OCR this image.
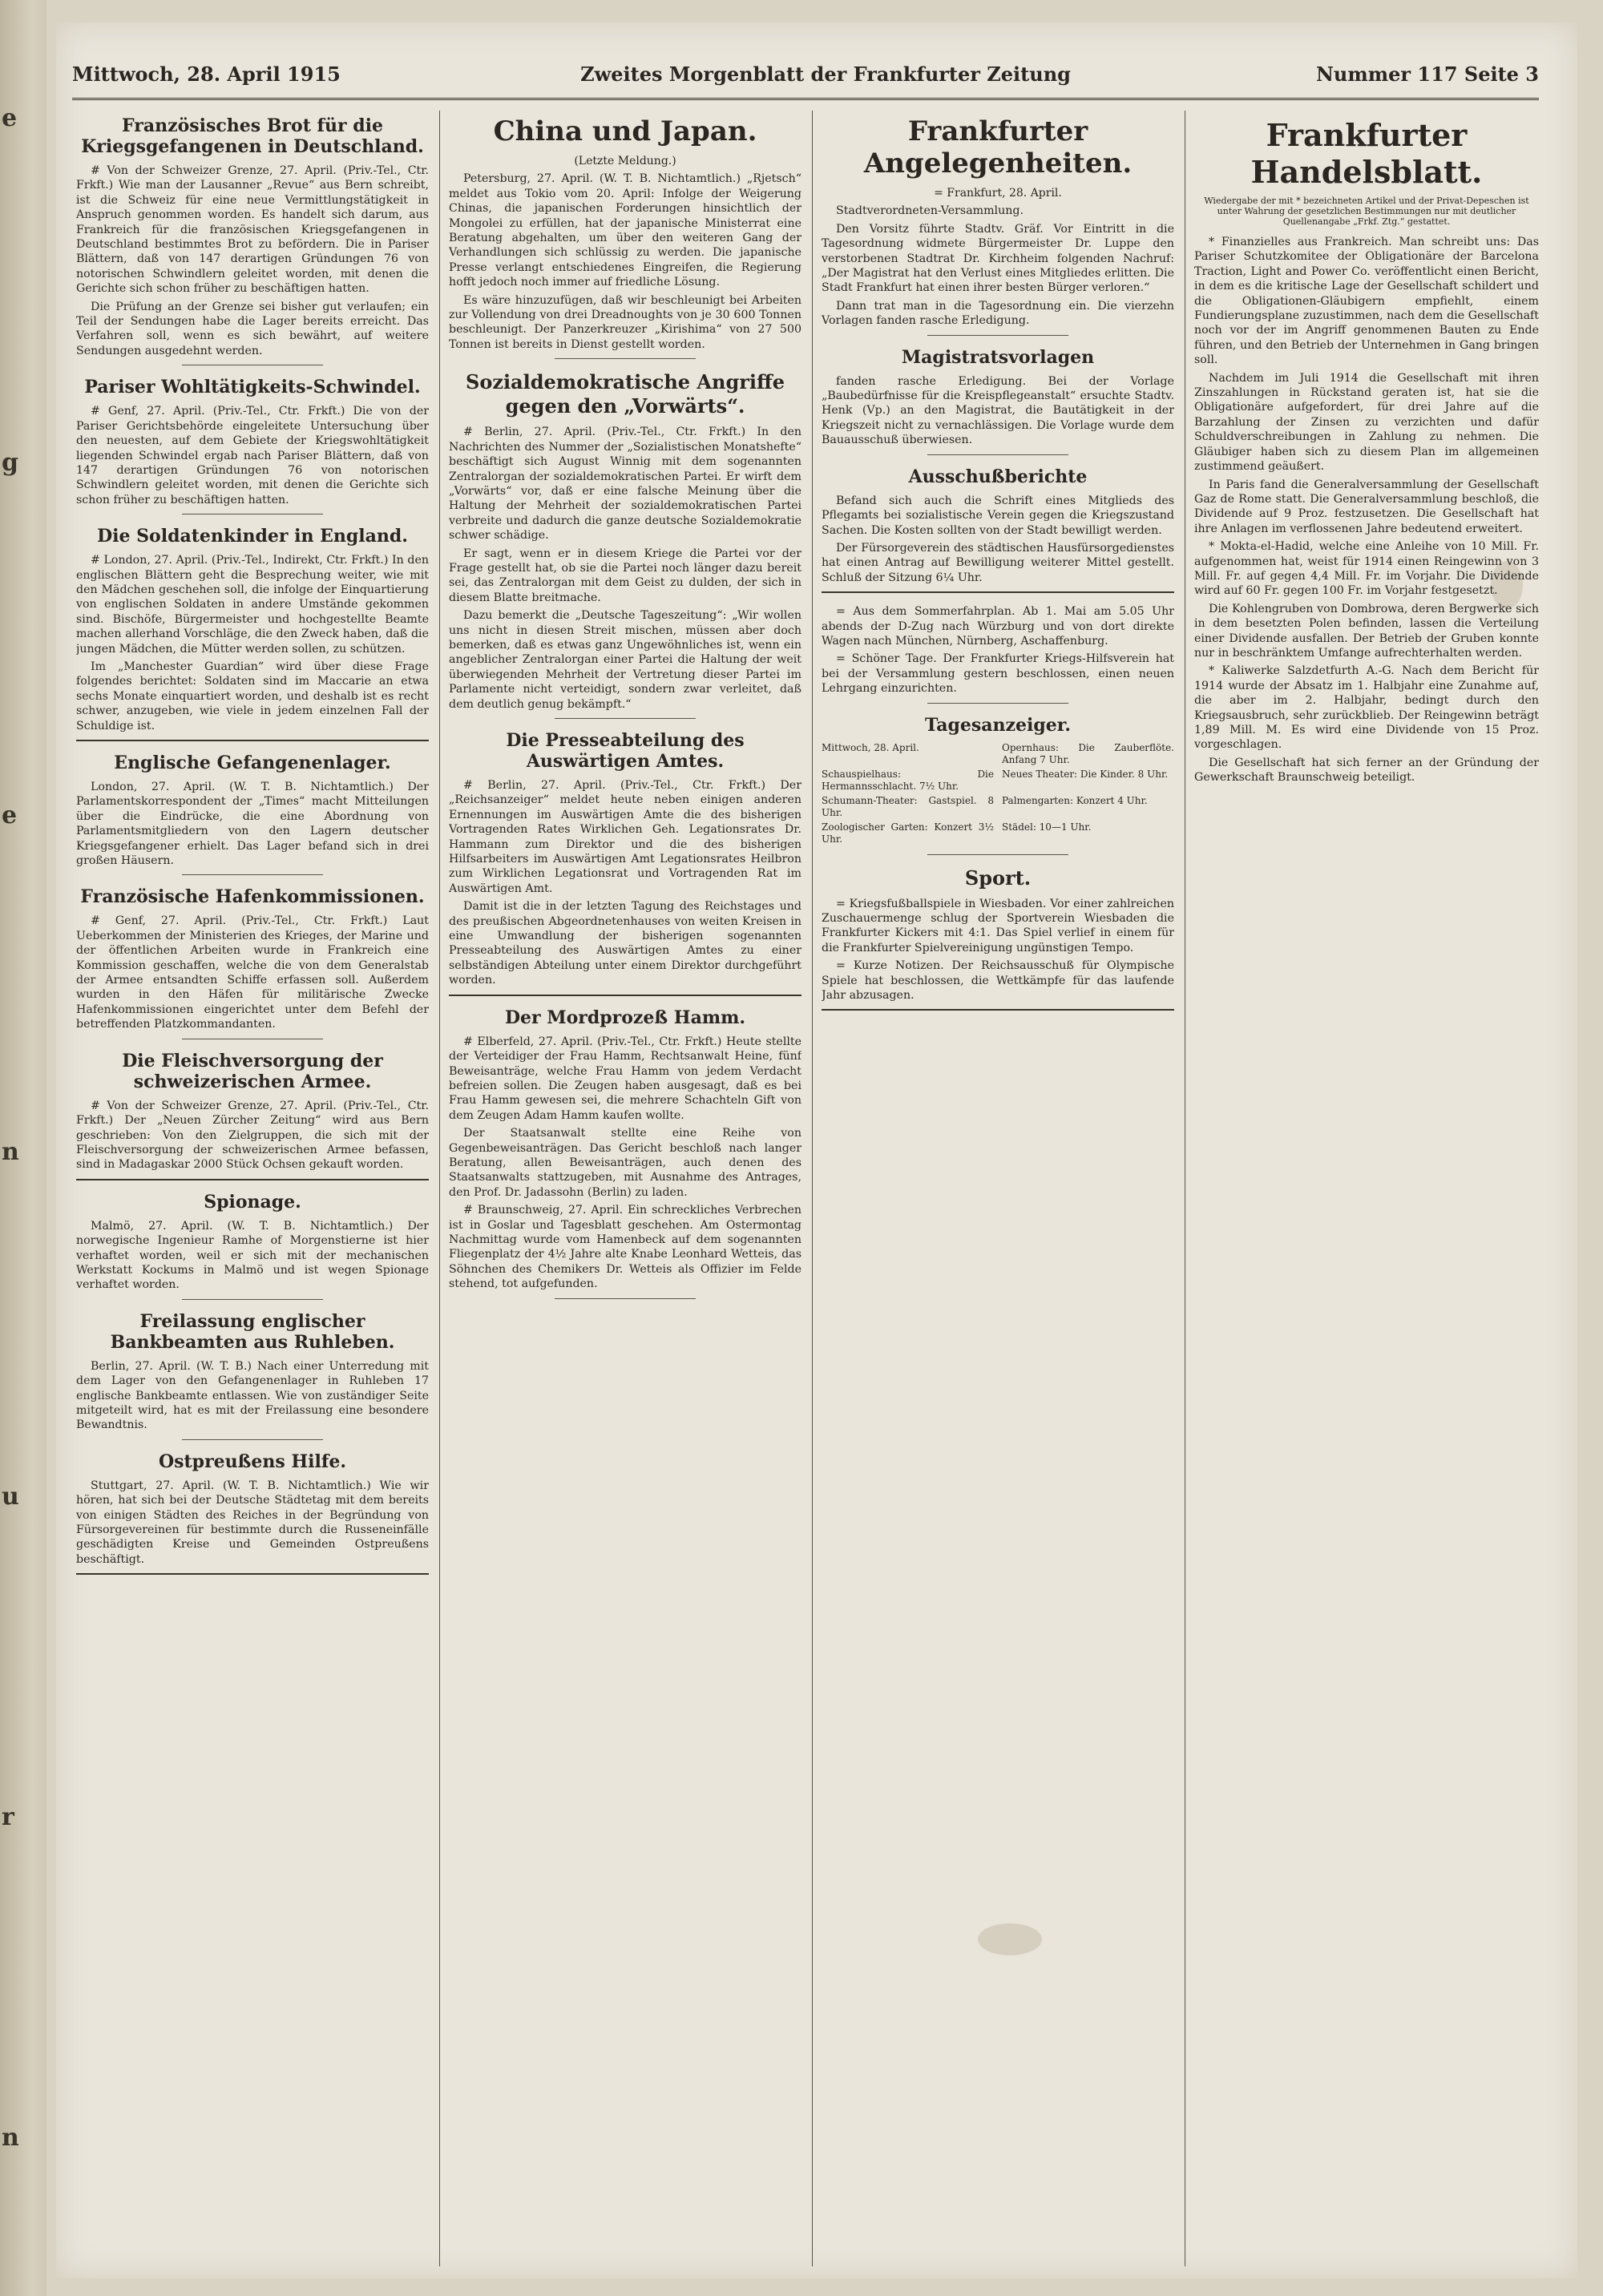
e
g
e
n
u
r
n
Mittwoch, 28. April 1915	Zweites Morgenblatt der Frankfurter Zeitung	Nummer 117 Seite 3
Französisches Brot für die Kriegsgefangenen in Deutschland.

# Von der Schweizer Grenze, 27. April. (Priv.-Tel., Ctr. Frkft.) Wie man der Lausanner „Revue“ aus Bern schreibt, ist die Schweiz für eine neue Vermittlungstätigkeit in Anspruch genommen worden. Es handelt sich darum, aus Frankreich für die französischen Kriegsgefangenen in Deutschland bestimmtes Brot zu befördern. Die in Pariser Blättern, daß von 147 derartigen Gründungen 76 von notorischen Schwindlern geleitet worden, mit denen die Gerichte sich schon früher zu beschäftigen hatten.

Die Prüfung an der Grenze sei bisher gut verlaufen; ein Teil der Sendungen habe die Lager bereits erreicht. Das Verfahren soll, wenn es sich bewährt, auf weitere Sendungen ausgedehnt werden.

Pariser Wohltätigkeits-Schwindel.

# Genf, 27. April. (Priv.-Tel., Ctr. Frkft.) Die von der Pariser Gerichtsbehörde eingeleitete Untersuchung über den neuesten, auf dem Gebiete der Kriegswohltätigkeit liegenden Schwindel ergab nach Pariser Blättern, daß von 147 derartigen Gründungen 76 von notorischen Schwindlern geleitet worden, mit denen die Gerichte sich schon früher zu beschäftigen hatten.

Die Soldatenkinder in England.

# London, 27. April. (Priv.-Tel., Indirekt, Ctr. Frkft.) In den englischen Blättern geht die Besprechung weiter, wie mit den Mädchen geschehen soll, die infolge der Einquartierung von englischen Soldaten in andere Umstände gekommen sind. Bischöfe, Bürgermeister und hochgestellte Beamte machen allerhand Vorschläge, die den Zweck haben, daß die jungen Mädchen, die Mütter werden sollen, zu schützen.

Im „Manchester Guardian“ wird über diese Frage folgendes berichtet: Soldaten sind im Maccarie an etwa sechs Monate einquartiert worden, und deshalb ist es recht schwer, anzugeben, wie viele in jedem einzelnen Fall der Schuldige ist.

Englische Gefangenenlager.

London, 27. April. (W. T. B. Nichtamtlich.) Der Parlamentskorrespondent der „Times“ macht Mitteilungen über die Eindrücke, die eine Abordnung von Parlamentsmitgliedern von den Lagern deutscher Kriegsgefangener erhielt. Das Lager befand sich in drei großen Häusern.

Französische Hafenkommissionen.

# Genf, 27. April. (Priv.-Tel., Ctr. Frkft.) Laut Ueberkommen der Ministerien des Krieges, der Marine und der öffentlichen Arbeiten wurde in Frankreich eine Kommission geschaffen, welche die von dem Generalstab der Armee entsandten Schiffe erfassen soll. Außerdem wurden in den Häfen für militärische Zwecke Hafenkommissionen eingerichtet unter dem Befehl der betreffenden Platzkommandanten.

Die Fleischversorgung der schweizerischen Armee.

# Von der Schweizer Grenze, 27. April. (Priv.-Tel., Ctr. Frkft.) Der „Neuen Zürcher Zeitung“ wird aus Bern geschrieben: Von den Zielgruppen, die sich mit der Fleischversorgung der schweizerischen Armee befassen, sind in Madagaskar 2000 Stück Ochsen gekauft worden.

Spionage.

Malmö, 27. April. (W. T. B. Nichtamtlich.) Der norwegische Ingenieur Ramhe of Morgenstierne ist hier verhaftet worden, weil er sich mit der mechanischen Werkstatt Kockums in Malmö und ist wegen Spionage verhaftet worden.

Freilassung englischer Bankbeamten aus Ruhleben.

Berlin, 27. April. (W. T. B.) Nach einer Unterredung mit dem Lager von den Gefangenenlager in Ruhleben 17 englische Bankbeamte entlassen. Wie von zuständiger Seite mitgeteilt wird, hat es mit der Freilassung eine besondere Bewandtnis.

Ostpreußens Hilfe.

Stuttgart, 27. April. (W. T. B. Nichtamtlich.) Wie wir hören, hat sich bei der Deutsche Städtetag mit dem bereits von einigen Städten des Reiches in der Begründung von Fürsorgevereinen für bestimmte durch die Russeneinfälle geschädigten Kreise und Gemeinden Ostpreußens beschäftigt.

China und Japan.
(Letzte Meldung.)

Petersburg, 27. April. (W. T. B. Nichtamtlich.) „Rjetsch“ meldet aus Tokio vom 20. April: Infolge der Weigerung Chinas, die japanischen Forderungen hinsichtlich der Mongolei zu erfüllen, hat der japanische Ministerrat eine Beratung abgehalten, um über den weiteren Gang der Verhandlungen sich schlüssig zu werden. Die japanische Presse verlangt entschiedenes Eingreifen, die Regierung hofft jedoch noch immer auf friedliche Lösung.

Es wäre hinzuzufügen, daß wir beschleunigt bei Arbeiten zur Vollendung von drei Dreadnoughts von je 30 600 Tonnen beschleunigt. Der Panzerkreuzer „Kirishima“ von 27 500 Tonnen ist bereits in Dienst gestellt worden.

Sozialdemokratische Angriffe gegen den „Vorwärts“.

# Berlin, 27. April. (Priv.-Tel., Ctr. Frkft.) In den Nachrichten des Nummer der „Sozialistischen Monatshefte“ beschäftigt sich August Winnig mit dem sogenannten Zentralorgan der sozialdemokratischen Partei. Er wirft dem „Vorwärts“ vor, daß er eine falsche Meinung über die Haltung der Mehrheit der sozialdemokratischen Partei verbreite und dadurch die ganze deutsche Sozialdemokratie schwer schädige.

Er sagt, wenn er in diesem Kriege die Partei vor der Frage gestellt hat, ob sie die Partei noch länger dazu bereit sei, das Zentralorgan mit dem Geist zu dulden, der sich in diesem Blatte breitmache.

Dazu bemerkt die „Deutsche Tageszeitung“: „Wir wollen uns nicht in diesen Streit mischen, müssen aber doch bemerken, daß es etwas ganz Ungewöhnliches ist, wenn ein angeblicher Zentralorgan einer Partei die Haltung der weit überwiegenden Mehrheit der Vertretung dieser Partei im Parlamente nicht verteidigt, sondern zwar verleitet, daß dem deutlich genug bekämpft.“

Die Presseabteilung des Auswärtigen Amtes.

# Berlin, 27. April. (Priv.-Tel., Ctr. Frkft.) Der „Reichsanzeiger“ meldet heute neben einigen anderen Ernennungen im Auswärtigen Amte die des bisherigen Vortragenden Rates Wirklichen Geh. Legationsrates Dr. Hammann zum Direktor und die des bisherigen Hilfsarbeiters im Auswärtigen Amt Legationsrates Heilbron zum Wirklichen Legationsrat und Vortragenden Rat im Auswärtigen Amt.

Damit ist die in der letzten Tagung des Reichstages und des preußischen Abgeordnetenhauses von weiten Kreisen in eine Umwandlung der bisherigen sogenannten Presseabteilung des Auswärtigen Amtes zu einer selbständigen Abteilung unter einem Direktor durchgeführt worden.

Der Mordprozeß Hamm.

# Elberfeld, 27. April. (Priv.-Tel., Ctr. Frkft.) Heute stellte der Verteidiger der Frau Hamm, Rechtsanwalt Heine, fünf Beweisanträge, welche Frau Hamm von jedem Verdacht befreien sollen. Die Zeugen haben ausgesagt, daß es bei Frau Hamm gewesen sei, die mehrere Schachteln Gift von dem Zeugen Adam Hamm kaufen wollte.

Der Staatsanwalt stellte eine Reihe von Gegenbeweisanträgen. Das Gericht beschloß nach langer Beratung, allen Beweisanträgen, auch denen des Staatsanwalts stattzugeben, mit Ausnahme des Antrages, den Prof. Dr. Jadassohn (Berlin) zu laden.

# Braunschweig, 27. April. Ein schreckliches Verbrechen ist in Goslar und Tagesblatt geschehen. Am Ostermontag Nachmittag wurde vom Hamenbeck auf dem sogenannten Fliegenplatz der 4½ Jahre alte Knabe Leonhard Wetteis, das Söhnchen des Chemikers Dr. Wetteis als Offizier im Felde stehend, tot aufgefunden.

Frankfurter Angelegenheiten.
= Frankfurt, 28. April.

Stadtverordneten-Versammlung.

Den Vorsitz führte Stadtv. Gräf. Vor Eintritt in die Tagesordnung widmete Bürgermeister Dr. Luppe den verstorbenen Stadtrat Dr. Kirchheim folgenden Nachruf: „Der Magistrat hat den Verlust eines Mitgliedes erlitten. Die Stadt Frankfurt hat einen ihrer besten Bürger verloren.“

Dann trat man in die Tagesordnung ein. Die vierzehn Vorlagen fanden rasche Erledigung.

Magistratsvorlagen

fanden rasche Erledigung. Bei der Vorlage „Baubedürfnisse für die Kreispflegeanstalt“ ersuchte Stadtv. Henk (Vp.) an den Magistrat, die Bautätigkeit in der Kriegszeit nicht zu vernachlässigen. Die Vorlage wurde dem Bauausschuß überwiesen.

Ausschußberichte

Befand sich auch die Schrift eines Mitglieds des Pflegamts bei sozialistische Verein gegen die Kriegszustand Sachen. Die Kosten sollten von der Stadt bewilligt werden.

Der Fürsorgeverein des städtischen Hausfürsorgedienstes hat einen Antrag auf Bewilligung weiterer Mittel gestellt. Schluß der Sitzung 6¼ Uhr.

= Aus dem Sommerfahrplan. Ab 1. Mai am 5.05 Uhr abends der D-Zug nach Würzburg und von dort direkte Wagen nach München, Nürnberg, Aschaffenburg.

= Schöner Tage. Der Frankfurter Kriegs-Hilfsverein hat bei der Versammlung gestern beschlossen, einen neuen Lehrgang einzurichten.

Tagesanzeiger.
Mittwoch, 28. April.	Opernhaus: Die Zauberflöte. Anfang 7 Uhr.
Schauspielhaus: Die Hermannsschlacht. 7½ Uhr.
Neues Theater: Die Kinder. 8 Uhr.
Schumann-Theater: Gastspiel. 8 Uhr.
Palmengarten: Konzert 4 Uhr.
Zoologischer Garten: Konzert 3½ Uhr.
Städel: 10—1 Uhr.
Sport.

= Kriegsfußballspiele in Wiesbaden. Vor einer zahlreichen Zuschauermenge schlug der Sportverein Wiesbaden die Frankfurter Kickers mit 4:1. Das Spiel verlief in einem für die Frankfurter Spielvereinigung ungünstigen Tempo.

= Kurze Notizen. Der Reichsausschuß für Olympische Spiele hat beschlossen, die Wettkämpfe für das laufende Jahr abzusagen.

Frankfurter Handelsblatt.
Wiedergabe der mit * bezeichneten Artikel und der Privat-Depeschen ist unter Wahrung der gesetzlichen Bestimmungen nur mit deutlicher Quellenangabe „Frkf. Ztg.“ gestattet.

* Finanzielles aus Frankreich. Man schreibt uns: Das Pariser Schutzkomitee der Obligationäre der Barcelona Traction, Light and Power Co. veröffentlicht einen Bericht, in dem es die kritische Lage der Gesellschaft schildert und die Obligationen-Gläubigern empfiehlt, einem Fundierungsplane zuzustimmen, nach dem die Gesellschaft noch vor der im Angriff genommenen Bauten zu Ende führen, und den Betrieb der Unternehmen in Gang bringen soll.

Nachdem im Juli 1914 die Gesellschaft mit ihren Zinszahlungen in Rückstand geraten ist, hat sie die Obligationäre aufgefordert, für drei Jahre auf die Barzahlung der Zinsen zu verzichten und dafür Schuldverschreibungen in Zahlung zu nehmen. Die Gläubiger haben sich zu diesem Plan im allgemeinen zustimmend geäußert.

In Paris fand die Generalversammlung der Gesellschaft Gaz de Rome statt. Die Generalversammlung beschloß, die Dividende auf 9 Proz. festzusetzen. Die Gesellschaft hat ihre Anlagen im verflossenen Jahre bedeutend erweitert.

* Mokta-el-Hadid, welche eine Anleihe von 10 Mill. Fr. aufgenommen hat, weist für 1914 einen Reingewinn von 3 Mill. Fr. auf gegen 4,4 Mill. Fr. im Vorjahr. Die Dividende wird auf 60 Fr. gegen 100 Fr. im Vorjahr festgesetzt.

Die Kohlengruben von Dombrowa, deren Bergwerke sich in dem besetzten Polen befinden, lassen die Verteilung einer Dividende ausfallen. Der Betrieb der Gruben konnte nur in beschränktem Umfange aufrechterhalten werden.

* Kaliwerke Salzdetfurth A.-G. Nach dem Bericht für 1914 wurde der Absatz im 1. Halbjahr eine Zunahme auf, die aber im 2. Halbjahr, bedingt durch den Kriegsausbruch, sehr zurückblieb. Der Reingewinn beträgt 1,89 Mill. M. Es wird eine Dividende von 15 Proz. vorgeschlagen.

Die Gesellschaft hat sich ferner an der Gründung der Gewerkschaft Braunschweig beteiligt.
